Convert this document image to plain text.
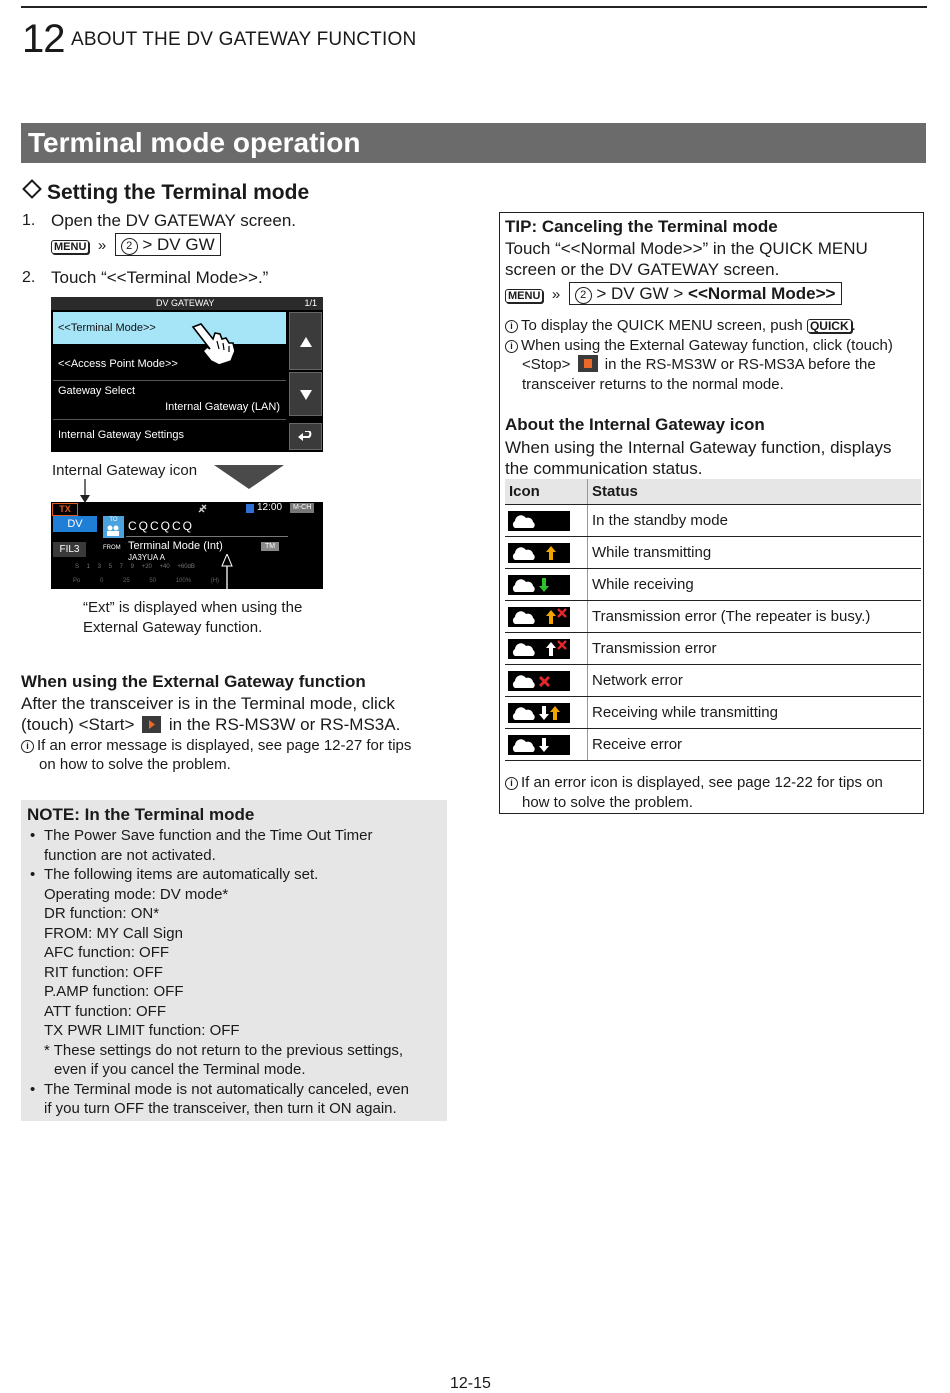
12 ABOUT THE DV GATEWAY FUNCTION
Terminal mode operation
Setting the Terminal mode
1. Open the DV GATEWAY screen.
MENU » 2 > DV GW
2. Touch “<<Terminal Mode>>.”
DV GATEWAY	1/1
<<Terminal Mode>>
<<Access Point Mode>>
Gateway Select
Internal Gateway (LAN)
Internal Gateway Settings
Internal Gateway icon
TX	12:00	M-CH
DV
FIL3
TO CQCQCQ
FROM Terminal Mode (Int)
JA3YUA A
TM
S 1 3 5 7 9 +20 +40 +60dB
Po 0 25 50 100% (H)
“Ext” is displayed when using the
External Gateway function.
When using the External Gateway function
After the transceiver is in the Terminal mode, click
(touch) <Start> in the RS-MS3W or RS-MS3A.
i If an error message is displayed, see page 12-27 for tips
on how to solve the problem.
NOTE: In the Terminal mode
• The Power Save function and the Time Out Timer
function are not activated.
• The following items are automatically set.
Operating mode: DV mode*
DR function: ON*
FROM: MY Call Sign
AFC function: OFF
RIT function: OFF
P.AMP function: OFF
ATT function: OFF
TX PWR LIMIT function: OFF
* These settings do not return to the previous settings,
even if you cancel the Terminal mode.
• The Terminal mode is not automatically canceled, even
if you turn OFF the transceiver, then turn it ON again.
TIP: Canceling the Terminal mode
Touch “<<Normal Mode>>” in the QUICK MENU
screen or the DV GATEWAY screen.
MENU » 2 > DV GW > <<Normal Mode>>
i To display the QUICK MENU screen, push QUICK .
i When using the External Gateway function, click (touch)
<Stop> in the RS-MS3W or RS-MS3A before the
transceiver returns to the normal mode.
About the Internal Gateway icon
When using the Internal Gateway function, displays
the communication status.
Icon	Status

	In the standby mode

	While transmitting

	While receiving

	Transmission error (The repeater is busy.)

	Transmission error

	Network error

	Receiving while transmitting

	Receive error
i If an error icon is displayed, see page 12-22 for tips on
how to solve the problem.
12-15
